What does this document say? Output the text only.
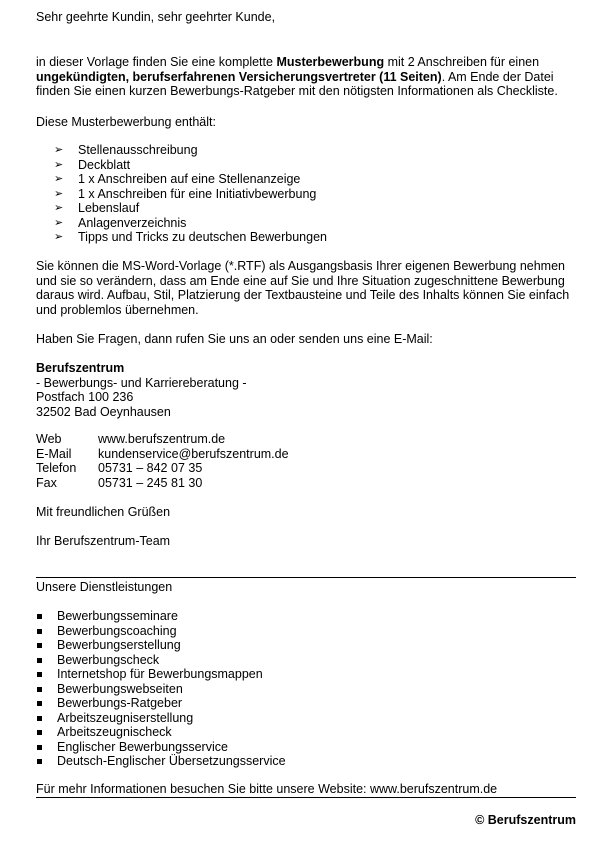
Sehr geehrte Kundin, sehr geehrter Kunde,

in dieser Vorlage finden Sie eine komplette Musterbewerbung mit 2 Anschreiben für einen ungekündigten, berufserfahrenen Versicherungsvertreter (11 Seiten). Am Ende der Datei finden Sie einen kurzen Bewerbungs-Ratgeber mit den nötigsten Informationen als Checkliste.

Diese Musterbewerbung enthält:

➢ Stellenausschreibung
➢ Deckblatt
➢ 1 x Anschreiben auf eine Stellenanzeige
➢ 1 x Anschreiben für eine Initiativbewerbung
➢ Lebenslauf
➢ Anlagenverzeichnis
➢ Tipps und Tricks zu deutschen Bewerbungen

Sie können die MS-Word-Vorlage (*.RTF) als Ausgangsbasis Ihrer eigenen Bewerbung nehmen und sie so verändern, dass am Ende eine auf Sie und Ihre Situation zugeschnittene Bewerbung daraus wird. Aufbau, Stil, Platzierung der Textbausteine und Teile des Inhalts können Sie einfach und problemlos übernehmen.

Haben Sie Fragen, dann rufen Sie uns an oder senden uns eine E-Mail:

Berufszentrum
- Bewerbungs- und Karriereberatung -
Postfach 100 236
32502 Bad Oeynhausen
Web	www.berufszentrum.de
E-Mail kundenservice@berufszentrum.de
Telefon 05731 – 842 07 35
Fax	05731 – 245 81 30

Mit freundlichen Grüßen

Ihr Berufszentrum-Team

Unsere Dienstleistungen

Bewerbungsseminare
Bewerbungscoaching
Bewerbungserstellung
Bewerbungscheck
Internetshop für Bewerbungsmappen
Bewerbungswebseiten
Bewerbungs-Ratgeber
Arbeitszeugniserstellung
Arbeitszeugnischeck
Englischer Bewerbungsservice
Deutsch-Englischer Übersetzungsservice

Für mehr Informationen besuchen Sie bitte unsere Website: www.berufszentrum.de

© Berufszentrum
